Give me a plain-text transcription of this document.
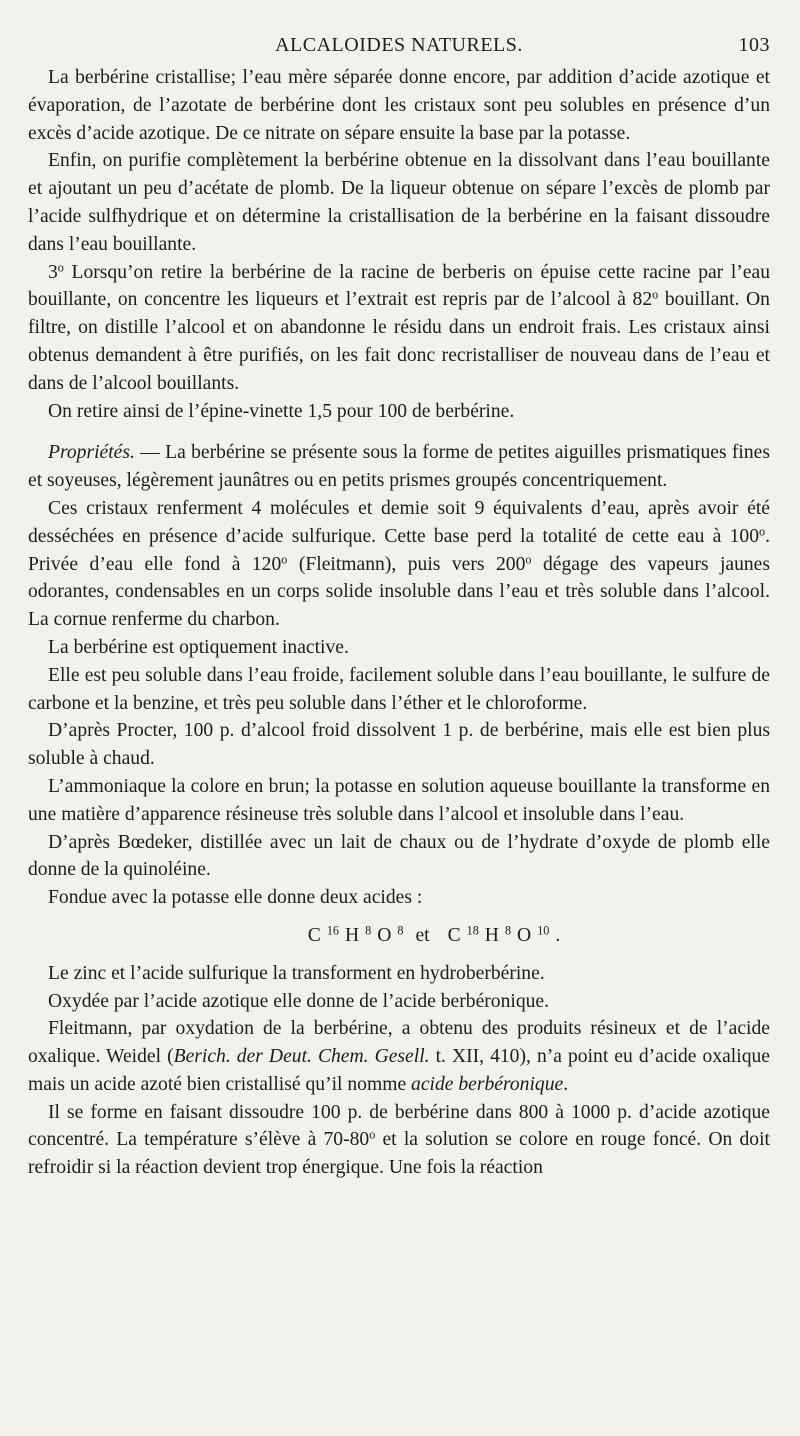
ALCALOIDES NATURELS.	103

La berbérine cristallise; l’eau mère séparée donne encore, par addition d’acide azotique et évaporation, de l’azotate de berbérine dont les cristaux sont peu solubles en présence d’un excès d’acide azotique. De ce nitrate on sépare ensuite la base par la potasse.

Enfin, on purifie complètement la berbérine obtenue en la dissolvant dans l’eau bouillante et ajoutant un peu d’acétate de plomb. De la liqueur obtenue on sépare l’excès de plomb par l’acide sulfhydrique et on détermine la cristallisation de la berbérine en la faisant dissoudre dans l’eau bouillante.

3$^o$ Lorsqu’on retire la berbérine de la racine de berberis on épuise cette racine par l’eau bouillante, on concentre les liqueurs et l’extrait est repris par de l’alcool à 82$^o$ bouillant. On filtre, on distille l’alcool et on abandonne le résidu dans un endroit frais. Les cristaux ainsi obtenus demandent à être purifiés, on les fait donc recristalliser de nouveau dans de l’eau et dans de l’alcool bouillants.

On retire ainsi de l’épine-vinette 1,5 pour 100 de berbérine.

Propriétés. — La berbérine se présente sous la forme de petites aiguilles prismatiques fines et soyeuses, légèrement jaunâtres ou en petits prismes groupés concentriquement.

Ces cristaux renferment 4 molécules et demie soit 9 équivalents d’eau, après avoir été desséchées en présence d’acide sulfurique. Cette base perd la totalité de cette eau à 100$^o$. Privée d’eau elle fond à 120$^o$ (Fleitmann), puis vers 200$^o$ dégage des vapeurs jaunes odorantes, condensables en un corps solide insoluble dans l’eau et très soluble dans l’alcool. La cornue renferme du charbon.

La berbérine est optiquement inactive.

Elle est peu soluble dans l’eau froide, facilement soluble dans l’eau bouillante, le sulfure de carbone et la benzine, et très peu soluble dans l’éther et le chloroforme.

D’après Procter, 100 p. d’alcool froid dissolvent 1 p. de berbérine, mais elle est bien plus soluble à chaud.

L’ammoniaque la colore en brun; la potasse en solution aqueuse bouillante la transforme en une matière d’apparence résineuse très soluble dans l’alcool et insoluble dans l’eau.

D’après Bœdeker, distillée avec un lait de chaux ou de l’hydrate d’oxyde de plomb elle donne de la quinoléine.

Fondue avec la potasse elle donne deux acides :

C $^{16}$ H $^8$ O $^8$ et C $^{18}$ H $^8$ O $^{10}$ .

Le zinc et l’acide sulfurique la transforment en hydroberbérine.

Oxydée par l’acide azotique elle donne de l’acide berbéronique.

Fleitmann, par oxydation de la berbérine, a obtenu des produits résineux et de l’acide oxalique. Weidel (Berich. der Deut. Chem. Gesell. t. XII, 410), n’a point eu d’acide oxalique mais un acide azoté bien cristallisé qu’il nomme acide berbéronique.

Il se forme en faisant dissoudre 100 p. de berbérine dans 800 à 1000 p. d’acide azotique concentré. La température s’élève à 70-80$^o$ et la solution se colore en rouge foncé. On doit refroidir si la réaction devient trop énergique. Une fois la réaction
